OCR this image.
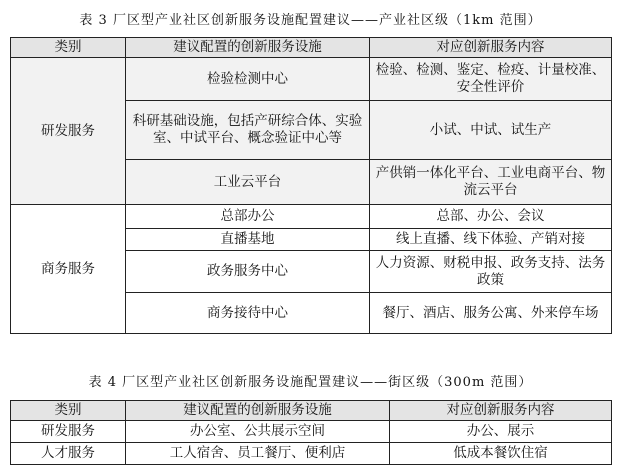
表 3 厂区型产业社区创新服务设施配置建议——产业社区级（1km 范围）
类别	建议配置的创新服务设施	对应创新服务内容
研发服务	检验检测中心	检验、检测、鉴定、检疫、计量校准、安全性评价
	科研基础设施，包括产研综合体、实验室、中试平台、概念验证中心等	小试、中试、试生产
	工业云平台	产供销一体化平台、工业电商平台、物流云平台
商务服务	总部办公	总部、办公、会议
	直播基地	线上直播、线下体验、产销对接
	政务服务中心	人力资源、财税申报、政务支持、法务政策
	商务接待中心	餐厅、酒店、服务公寓、外来停车场
表 4 厂区型产业社区创新服务设施配置建议——街区级（300m 范围）
类别	建议配置的创新服务设施	对应创新服务内容
研发服务	办公室、公共展示空间	办公、展示
人才服务	工人宿舍、员工餐厅、便利店	低成本餐饮住宿
